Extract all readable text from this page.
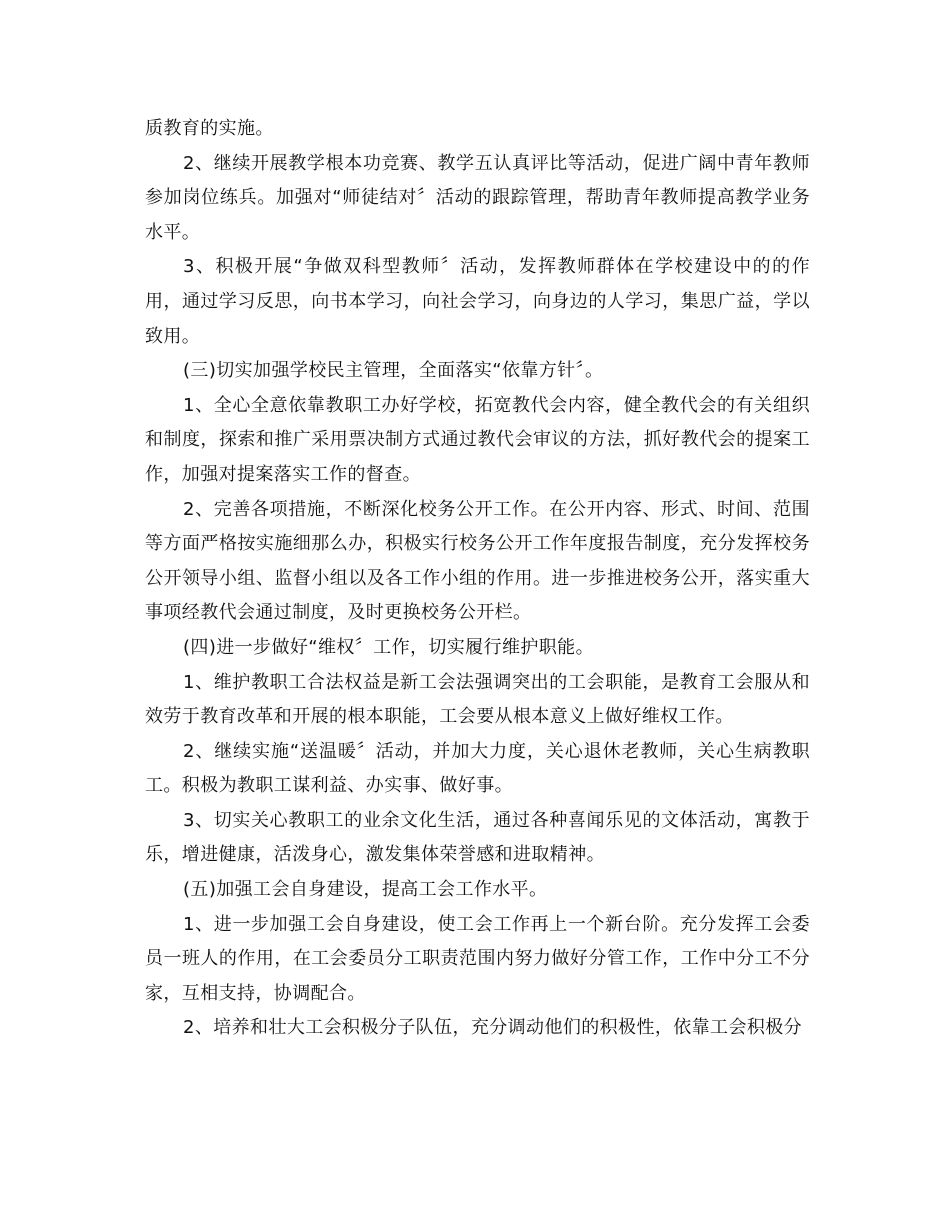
质教育的实施。

2、继续开展教学根本功竞赛、教学五认真评比等活动，促进广阔中青年教师参加岗位练兵。加强对“师徒结对〞活动的跟踪管理，帮助青年教师提高教学业务水平。

3、积极开展“争做双科型教师〞活动，发挥教师群体在学校建设中的的作用，通过学习反思，向书本学习，向社会学习，向身边的人学习，集思广益，学以致用。

(三)切实加强学校民主管理，全面落实“依靠方针〞。

1、全心全意依靠教职工办好学校，拓宽教代会内容，健全教代会的有关组织和制度，探索和推广采用票决制方式通过教代会审议的方法，抓好教代会的提案工作，加强对提案落实工作的督查。

2、完善各项措施，不断深化校务公开工作。在公开内容、形式、时间、范围等方面严格按实施细那么办，积极实行校务公开工作年度报告制度，充分发挥校务公开领导小组、监督小组以及各工作小组的作用。进一步推进校务公开，落实重大事项经教代会通过制度，及时更换校务公开栏。

(四)进一步做好“维权〞工作，切实履行维护职能。

1、维护教职工合法权益是新工会法强调突出的工会职能，是教育工会服从和效劳于教育改革和开展的根本职能，工会要从根本意义上做好维权工作。

2、继续实施“送温暖〞活动，并加大力度，关心退休老教师，关心生病教职工。积极为教职工谋利益、办实事、做好事。

3、切实关心教职工的业余文化生活，通过各种喜闻乐见的文体活动，寓教于乐，增进健康，活泼身心，激发集体荣誉感和进取精神。

(五)加强工会自身建设，提高工会工作水平。

1、进一步加强工会自身建设，使工会工作再上一个新台阶。充分发挥工会委员一班人的作用，在工会委员分工职责范围内努力做好分管工作，工作中分工不分家，互相支持，协调配合。

2、培养和壮大工会积极分子队伍，充分调动他们的积极性，依靠工会积极分
